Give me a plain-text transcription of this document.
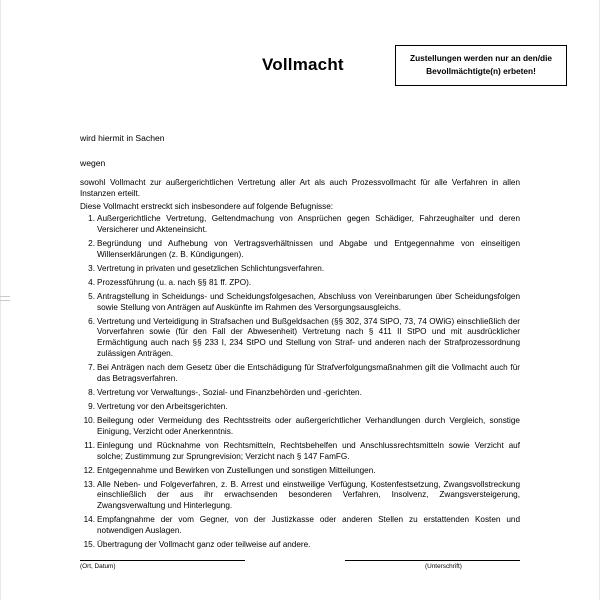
Vollmacht	Zustellungen werden nur an den/die Bevollmächtigte(n) erbeten!
wird hiermit in Sachen
wegen
sowohl Vollmacht zur außergerichtlichen Vertretung aller Art als auch Prozessvollmacht für alle Verfahren in allen Instanzen erteilt.
Diese Vollmacht erstreckt sich insbesondere auf folgende Befugnisse:
1. Außergerichtliche Vertretung, Geltendmachung von Ansprüchen gegen Schädiger, Fahrzeughalter und deren Versicherer und Akteneinsicht.
2. Begründung und Aufhebung von Vertragsverhältnissen und Abgabe und Entgegennahme von einseitigen Willenserklärungen (z. B. Kündigungen).
3. Vertretung in privaten und gesetzlichen Schlichtungsverfahren.
4. Prozessführung (u. a. nach §§ 81 ff. ZPO).
5. Antragstellung in Scheidungs- und Scheidungsfolgesachen, Abschluss von Vereinbarungen über Scheidungsfolgen sowie Stellung von Anträgen auf Auskünfte im Rahmen des Versorgungsausgleichs.
6. Vertretung und Verteidigung in Strafsachen und Bußgeldsachen (§§ 302, 374 StPO, 73, 74 OWiG) einschließlich der Vorverfahren sowie (für den Fall der Abwesenheit) Vertretung nach § 411 II StPO und mit ausdrücklicher Ermächtigung auch nach §§ 233 I, 234 StPO und Stellung von Straf- und anderen nach der Strafprozessordnung zulässigen Anträgen.
7. Bei Anträgen nach dem Gesetz über die Entschädigung für Strafverfolgungsmaßnahmen gilt die Vollmacht auch für das Betragsverfahren.
8. Vertretung vor Verwaltungs-, Sozial- und Finanzbehörden und -gerichten.
9. Vertretung vor den Arbeitsgerichten.
10. Beilegung oder Vermeidung des Rechtsstreits oder außergerichtlicher Verhandlungen durch Vergleich, sonstige Einigung, Verzicht oder Anerkenntnis.
11. Einlegung und Rücknahme von Rechtsmitteln, Rechtsbehelfen und Anschlussrechtsmitteln sowie Verzicht auf solche; Zustimmung zur Sprungrevision; Verzicht nach § 147 FamFG.
12. Entgegennahme und Bewirken von Zustellungen und sonstigen Mitteilungen.
13. Alle Neben- und Folgeverfahren, z. B. Arrest und einstweilige Verfügung, Kostenfestsetzung, Zwangsvollstreckung einschließlich der aus ihr erwachsenden besonderen Verfahren, Insolvenz, Zwangsversteigerung, Zwangsverwaltung und Hinterlegung.
14. Empfangnahme der vom Gegner, von der Justizkasse oder anderen Stellen zu erstattenden Kosten und notwendigen Auslagen.
15. Übertragung der Vollmacht ganz oder teilweise auf andere.
(Ort, Datum)	(Unterschrift)
